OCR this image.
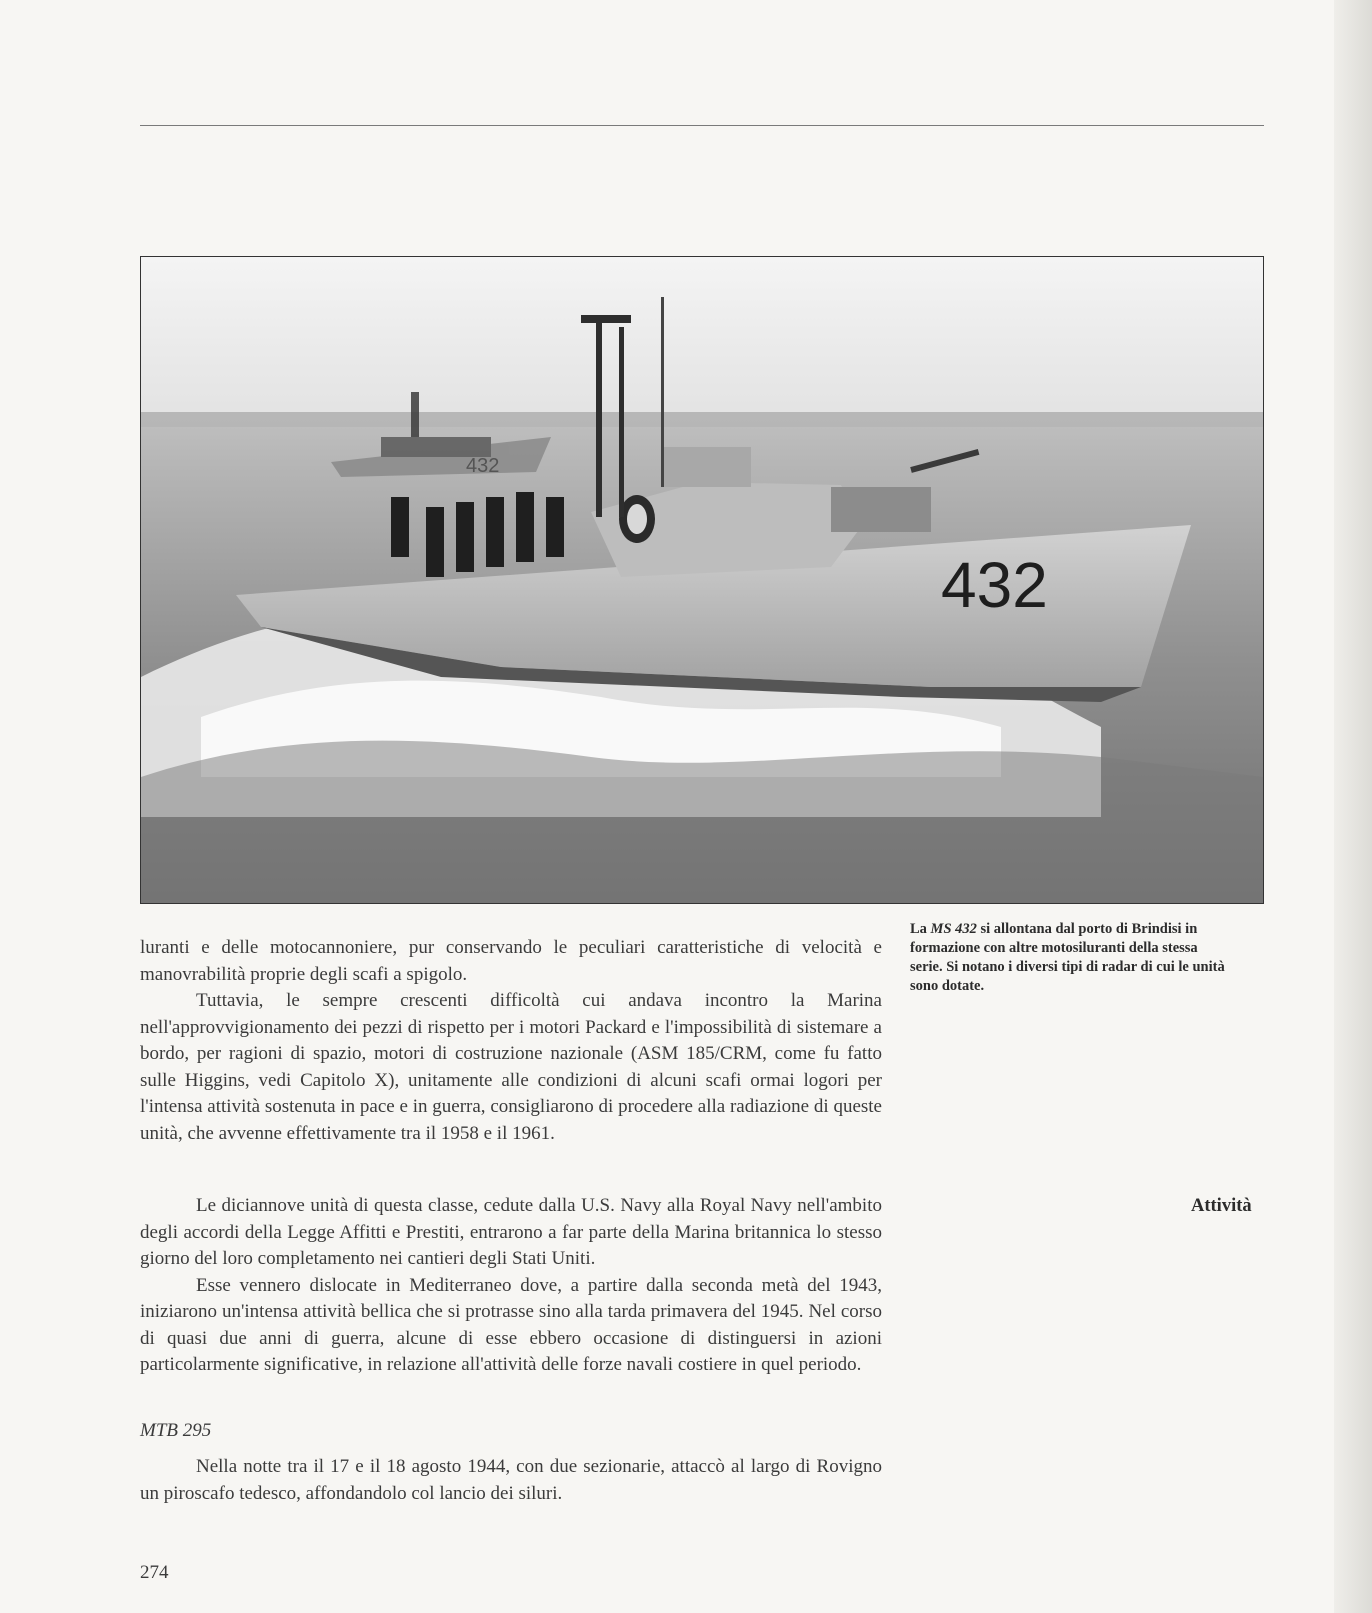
432
432
La MS 432 si allontana dal porto di Brindisi in formazione con altre motosiluranti della stessa serie. Si notano i diversi tipi di radar di cui le unità sono dotate.

luranti e delle motocannoniere, pur conservando le peculiari caratteristiche di velocità e manovrabilità proprie degli scafi a spigolo.

Tuttavia, le sempre crescenti difficoltà cui andava incontro la Marina nell'approvvigionamento dei pezzi di rispetto per i motori Packard e l'impossibilità di sistemare a bordo, per ragioni di spazio, motori di costruzione nazionale (ASM 185/CRM, come fu fatto sulle Higgins, vedi Capitolo X), unitamente alle condizioni di alcuni scafi ormai logori per l'intensa attività sostenuta in pace e in guerra, consigliarono di procedere alla radiazione di queste unità, che avvenne effettivamente tra il 1958 e il 1961.

Attività

Le diciannove unità di questa classe, cedute dalla U.S. Navy alla Royal Navy nell'ambito degli accordi della Legge Affitti e Prestiti, entrarono a far parte della Marina britannica lo stesso giorno del loro completamento nei cantieri degli Stati Uniti.

Esse vennero dislocate in Mediterraneo dove, a partire dalla seconda metà del 1943, iniziarono un'intensa attività bellica che si protrasse sino alla tarda primavera del 1945. Nel corso di quasi due anni di guerra, alcune di esse ebbero occasione di distinguersi in azioni particolarmente significative, in relazione all'attività delle forze navali costiere in quel periodo.

MTB 295

Nella notte tra il 17 e il 18 agosto 1944, con due sezionarie, attaccò al largo di Rovigno un piroscafo tedesco, affondandolo col lancio dei siluri.

274
